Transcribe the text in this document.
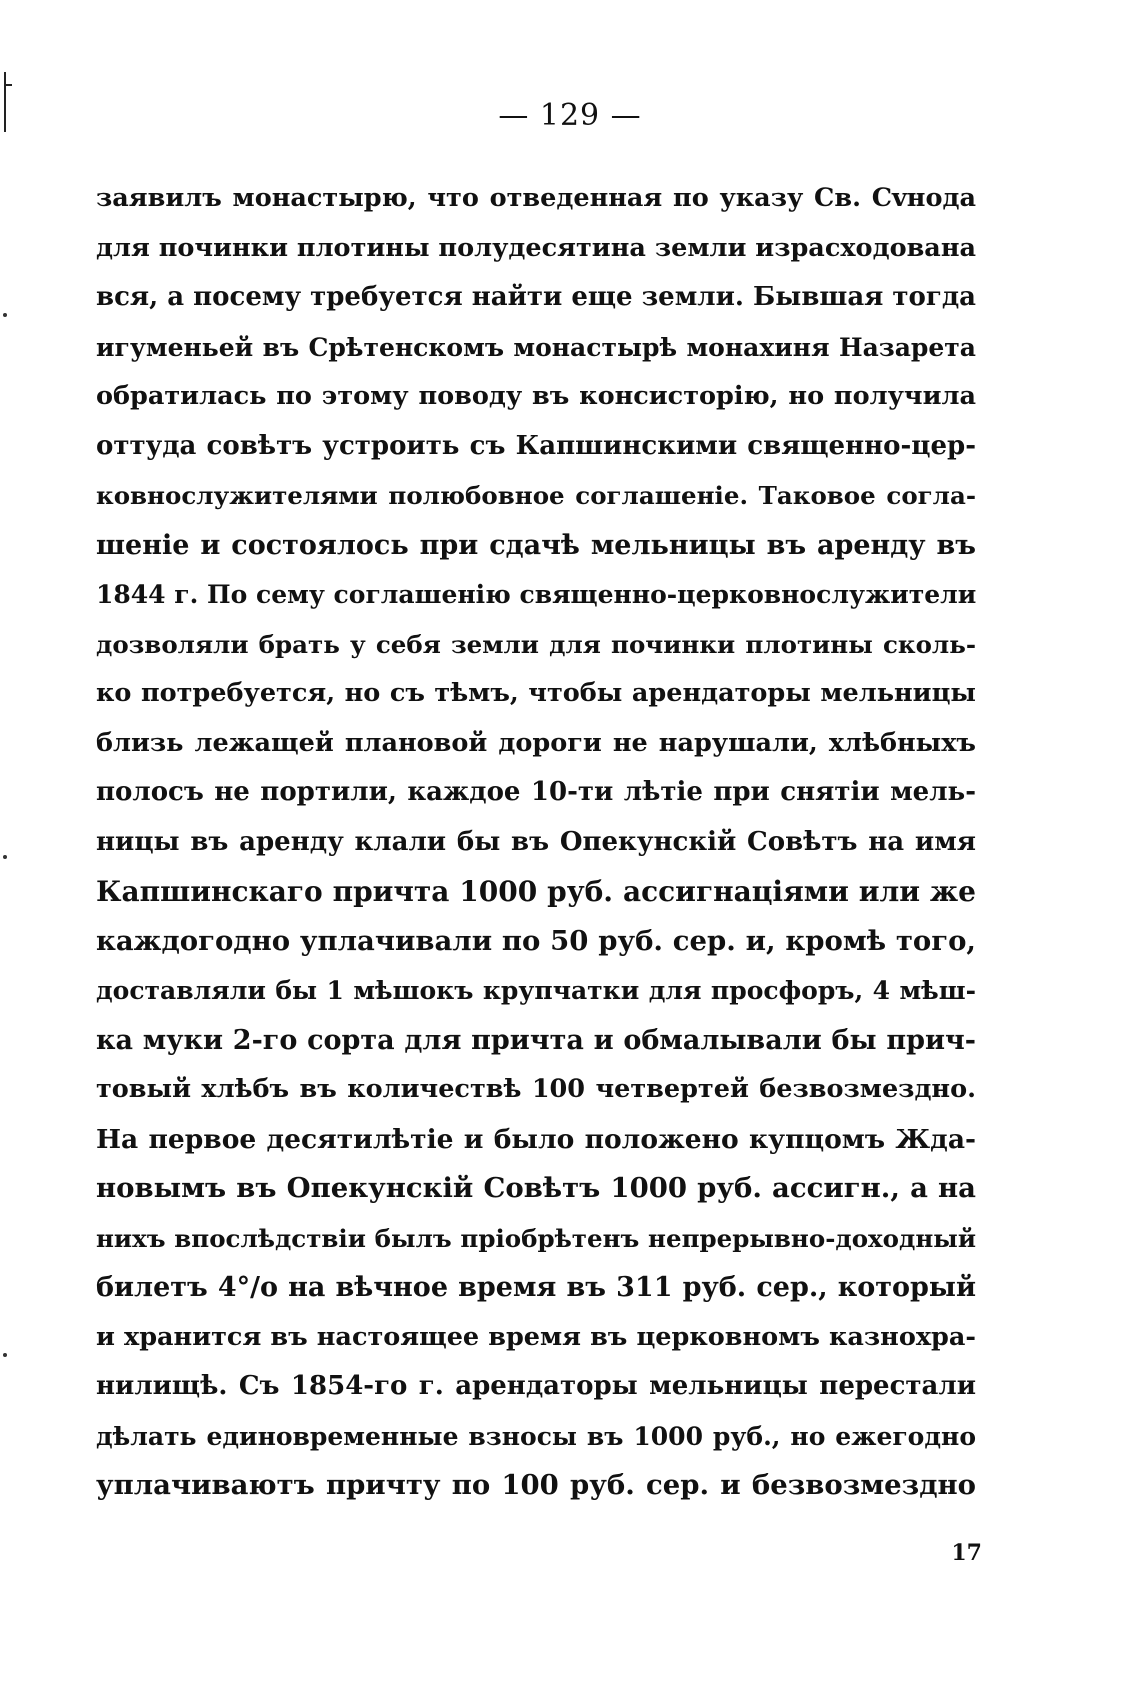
— 129 —
заявилъ монастырю, что отведенная по указу Св. Сvнода
для починки плотины полудесятина земли израсходована
вся, а посему требуется найти еще земли. Бывшая тогда
игуменьей въ Срѣтенскомъ монастырѣ монахиня Назарета
обратилась по этому поводу въ консисторію, но получила
оттуда совѣтъ устроить съ Капшинскими священно-цер-
ковнослужителями полюбовное соглашеніе. Таковое согла-
шеніе и состоялось при сдачѣ мельницы въ аренду въ
1844 г. По сему соглашенію священно-церковнослужители
дозволяли брать у себя земли для починки плотины сколь-
ко потребуется, но съ тѣмъ, чтобы арендаторы мельницы
близь лежащей плановой дороги не нарушали, хлѣбныхъ
полосъ не портили, каждое 10-ти лѣтіе при снятіи мель-
ницы въ аренду клали бы въ Опекунскій Совѣтъ на имя
Капшинскаго причта 1000 руб. ассигнаціями или же
каждогодно уплачивали по 50 руб. сер. и, кромѣ того,
доставляли бы 1 мѣшокъ крупчатки для просфоръ, 4 мѣш-
ка муки 2-го сорта для причта и обмалывали бы прич-
товый хлѣбъ въ количествѣ 100 четвертей безвозмездно.
На первое десятилѣтіе и было положено купцомъ Жда-
новымъ въ Опекунскій Совѣтъ 1000 руб. ассигн., а на
нихъ впослѣдствіи былъ пріобрѣтенъ непрерывно-доходный
билетъ 4°/о на вѣчное время въ 311 руб. сер., который
и хранится въ настоящее время въ церковномъ казнохра-
нилищѣ. Съ 1854-го г. арендаторы мельницы перестали
дѣлать единовременные взносы въ 1000 руб., но ежегодно
уплачиваютъ причту по 100 руб. сер. и безвозмездно
17
